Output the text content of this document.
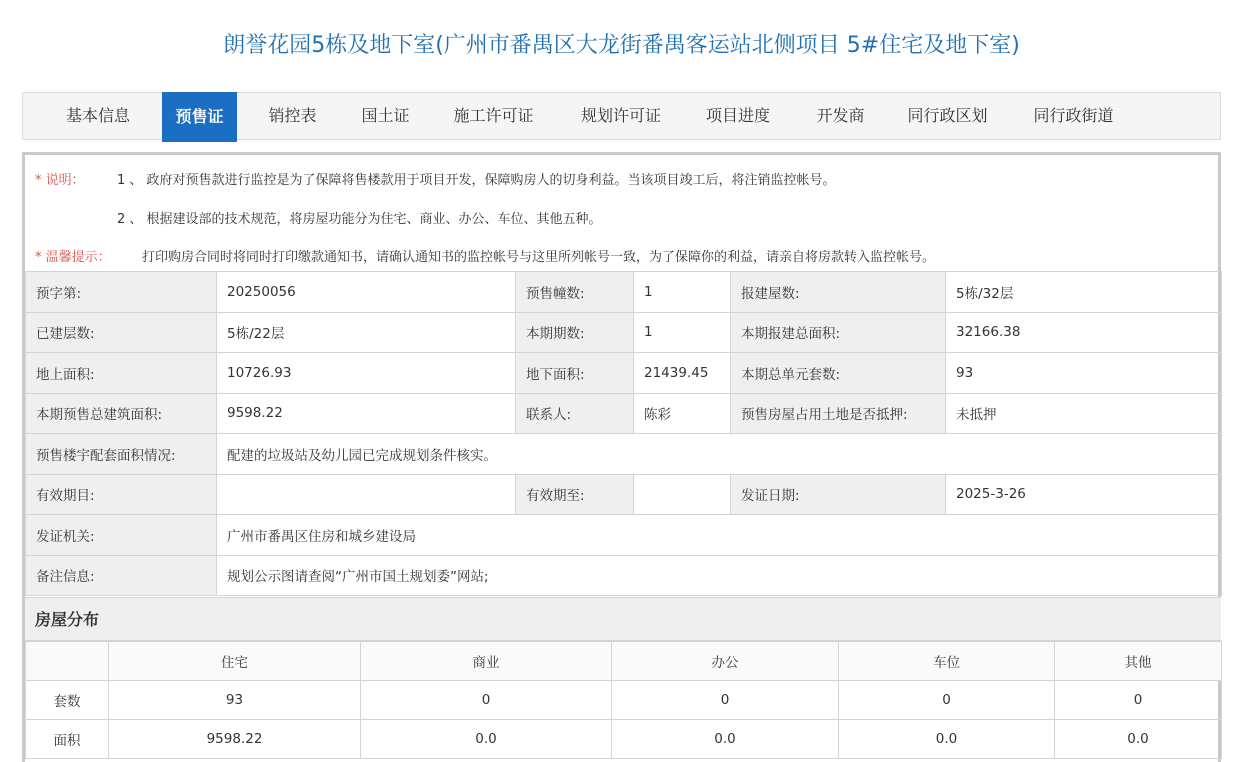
朗誉花园5栋及地下室(广州市番禺区大龙街番禺客运站北侧项目 5#住宅及地下室)
基本信息	预售证	销控表	国土证	施工许可证	规划许可证	项目进度	开发商	同行政区划	同行政街道
* 说明： 1 、 政府对预售款进行监控是为了保障将售楼款用于项目开发，保障购房人的切身利益。当该项目竣工后，将注销监控帐号。
2 、 根据建设部的技术规范，将房屋功能分为住宅、商业、办公、车位、其他五种。
* 温馨提示： 打印购房合同时将同时打印缴款通知书，请确认通知书的监控帐号与这里所列帐号一致，为了保障你的利益，请亲自将房款转入监控帐号。
预字第:	20250056	预售幢数:	1	报建屋数:	5栋/32层
已建层数:	5栋/22层	本期期数:	1	本期报建总面积:	32166.38
地上面积:	10726.93	地下面积:	21439.45	本期总单元套数:	93
本期预售总建筑面积:	9598.22	联系人:	陈彩	预售房屋占用土地是否抵押:	未抵押
预售楼宇配套面积情况:	配建的垃圾站及幼儿园已完成规划条件核实。				
有效期目:		有效期至:		发证日期:	2025-3-26
发证机关:	广州市番禺区住房和城乡建设局				
备注信息:	规划公示图请查阅“广州市国土规划委”网站;				
房屋分布
	住宅	商业	办公	车位	其他
套数	93	0	0	0	0
面积	9598.22	0.0	0.0	0.0	0.0
